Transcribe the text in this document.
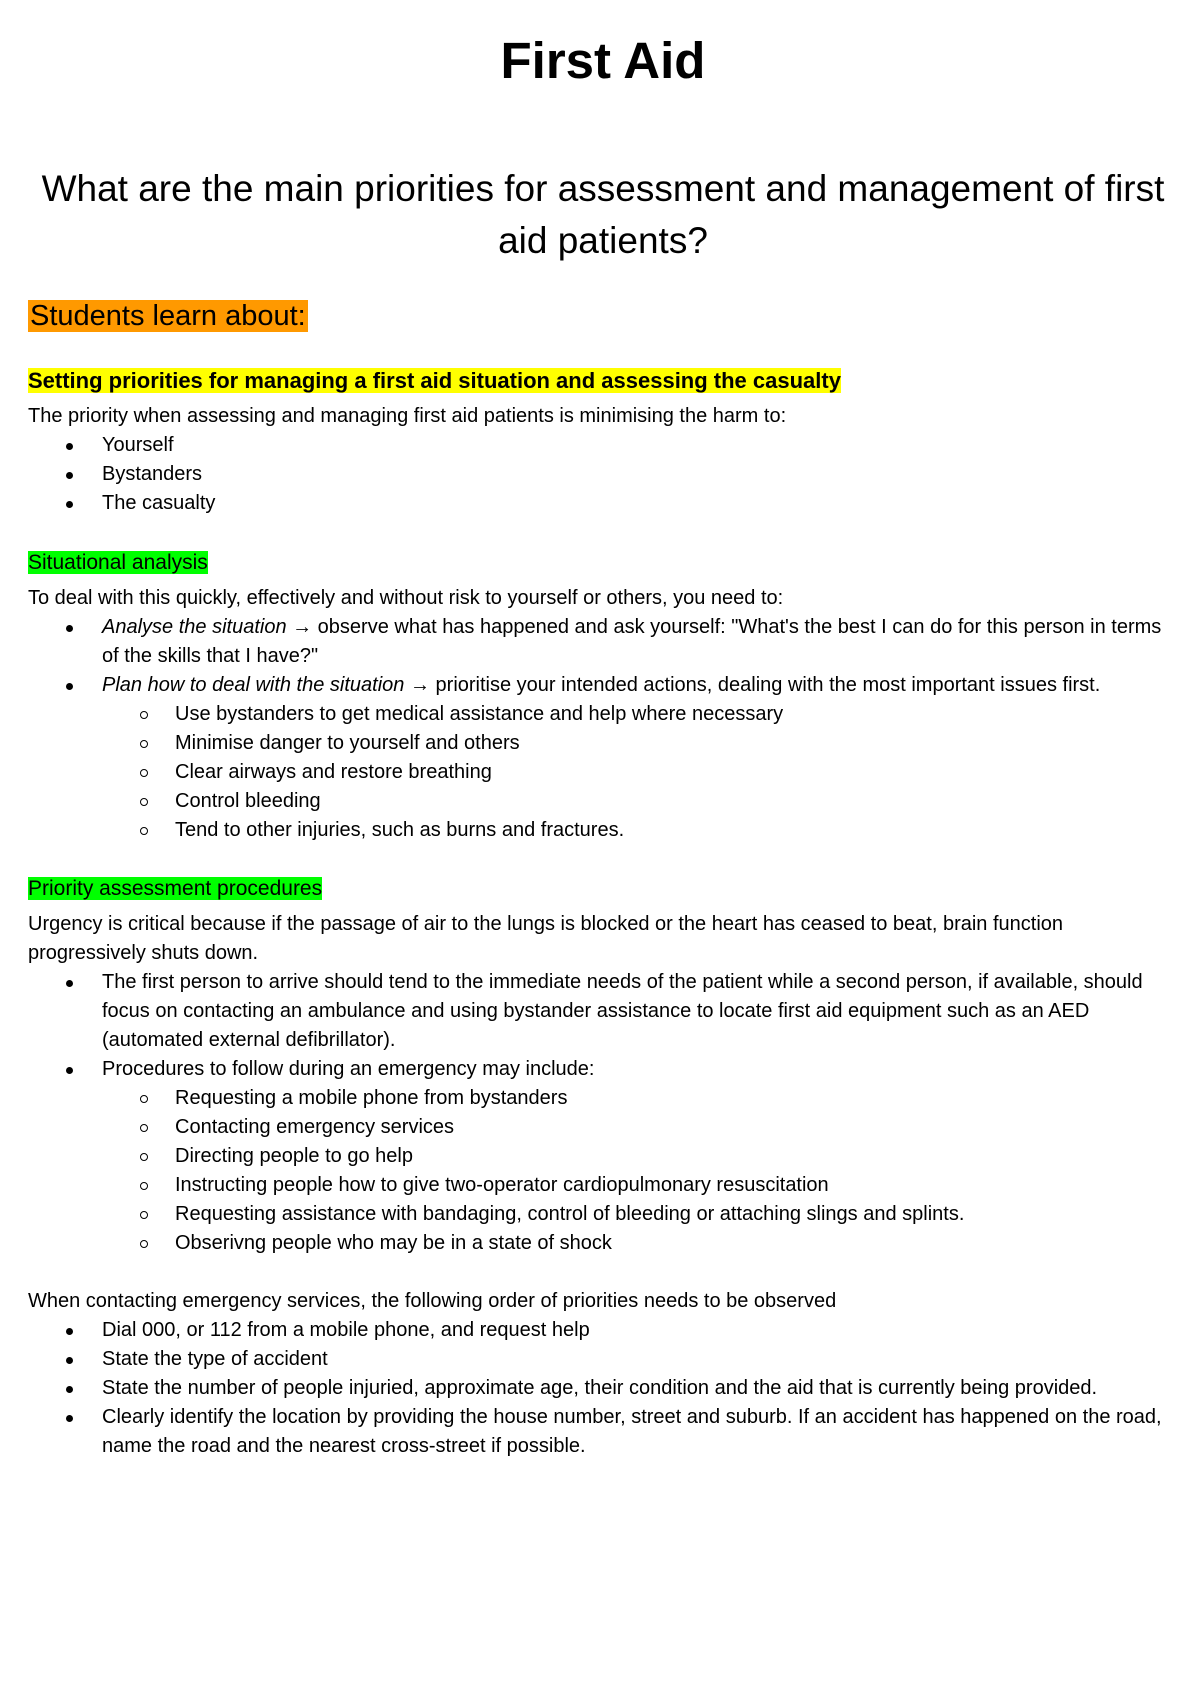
First Aid
What are the main priorities for assessment and management of first aid patients?

Students learn about:

Setting priorities for managing a first aid situation and assessing the casualty

The priority when assessing and managing first aid patients is minimising the harm to:

Yourself
Bystanders
The casualty

Situational analysis

To deal with this quickly, effectively and without risk to yourself or others, you need to:

Analyse the situation → observe what has happened and ask yourself: "What's the best I can do for this person in terms of the skills that I have?"
Plan how to deal with the situation → prioritise your intended actions, dealing with the most important issues first.
Use bystanders to get medical assistance and help where necessary
Minimise danger to yourself and others
Clear airways and restore breathing
Control bleeding
Tend to other injuries, such as burns and fractures.

Priority assessment procedures

Urgency is critical because if the passage of air to the lungs is blocked or the heart has ceased to beat, brain function progressively shuts down.

The first person to arrive should tend to the immediate needs of the patient while a second person, if available, should focus on contacting an ambulance and using bystander assistance to locate first aid equipment such as an AED (automated external defibrillator).
Procedures to follow during an emergency may include:
Requesting a mobile phone from bystanders
Contacting emergency services
Directing people to go help
Instructing people how to give two-operator cardiopulmonary resuscitation
Requesting assistance with bandaging, control of bleeding or attaching slings and splints.
Obserivng people who may be in a state of shock

When contacting emergency services, the following order of priorities needs to be observed

Dial 000, or 112 from a mobile phone, and request help
State the type of accident
State the number of people injuried, approximate age, their condition and the aid that is currently being provided.
Clearly identify the location by providing the house number, street and suburb. If an accident has happened on the road, name the road and the nearest cross-street if possible.
